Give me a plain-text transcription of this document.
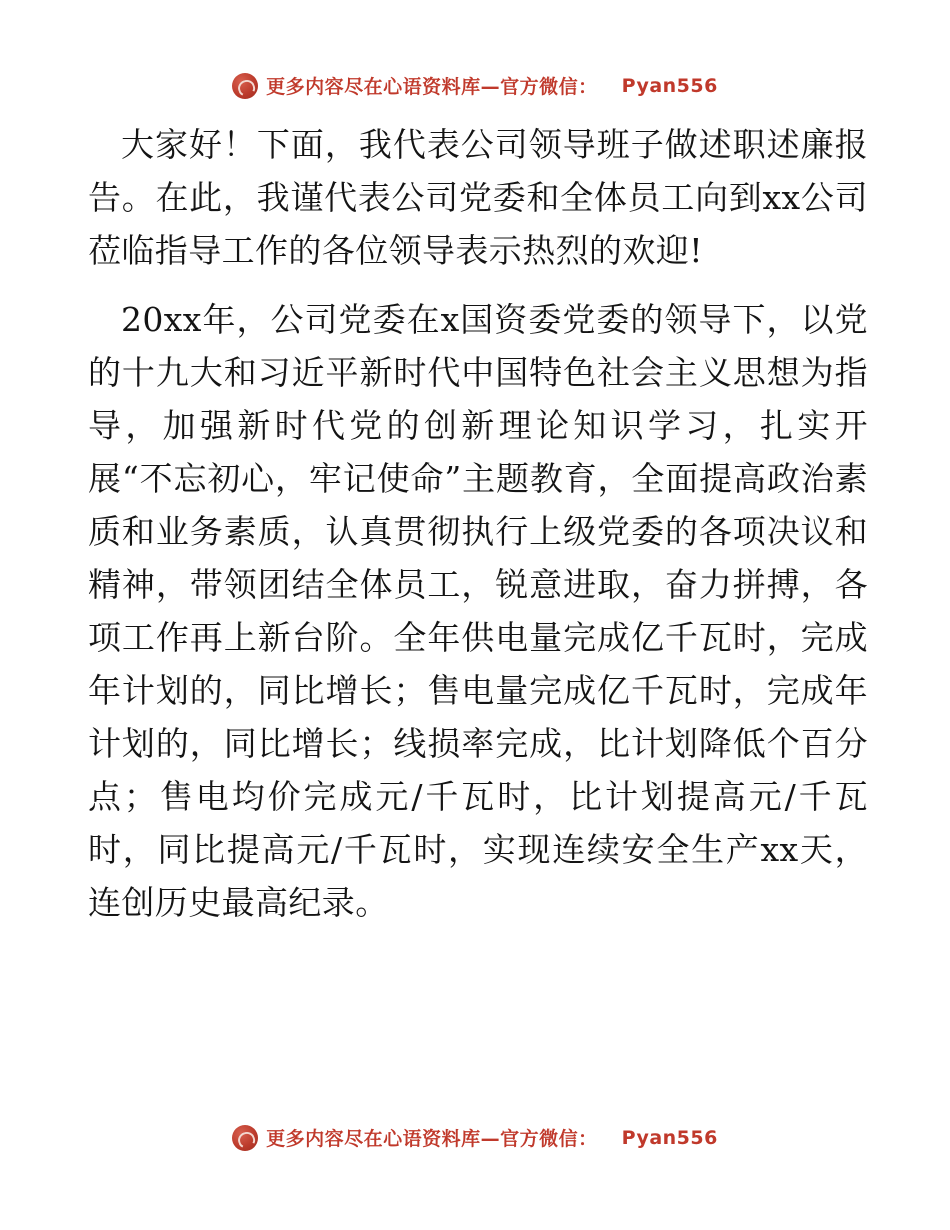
更多内容尽在心语资料库—官方微信： Pyan556

大家好！下面，我代表公司领导班子做述职述廉报告。在此，我谨代表公司党委和全体员工向到xx公司莅临指导工作的各位领导表示热烈的欢迎!

20xx年，公司党委在x国资委党委的领导下，以党的十九大和习近平新时代中国特色社会主义思想为指导，加强新时代党的创新理论知识学习，扎实开展“不忘初心，牢记使命”主题教育，全面提高政治素质和业务素质，认真贯彻执行上级党委的各项决议和精神，带领团结全体员工，锐意进取，奋力拼搏，各项工作再上新台阶。全年供电量完成亿千瓦时，完成年计划的，同比增长；售电量完成亿千瓦时，完成年计划的，同比增长；线损率完成，比计划降低个百分点；售电均价完成元/千瓦时，比计划提高元/千瓦时，同比提高元/千瓦时，实现连续安全生产xx天，连创历史最高纪录。

更多内容尽在心语资料库—官方微信： Pyan556
